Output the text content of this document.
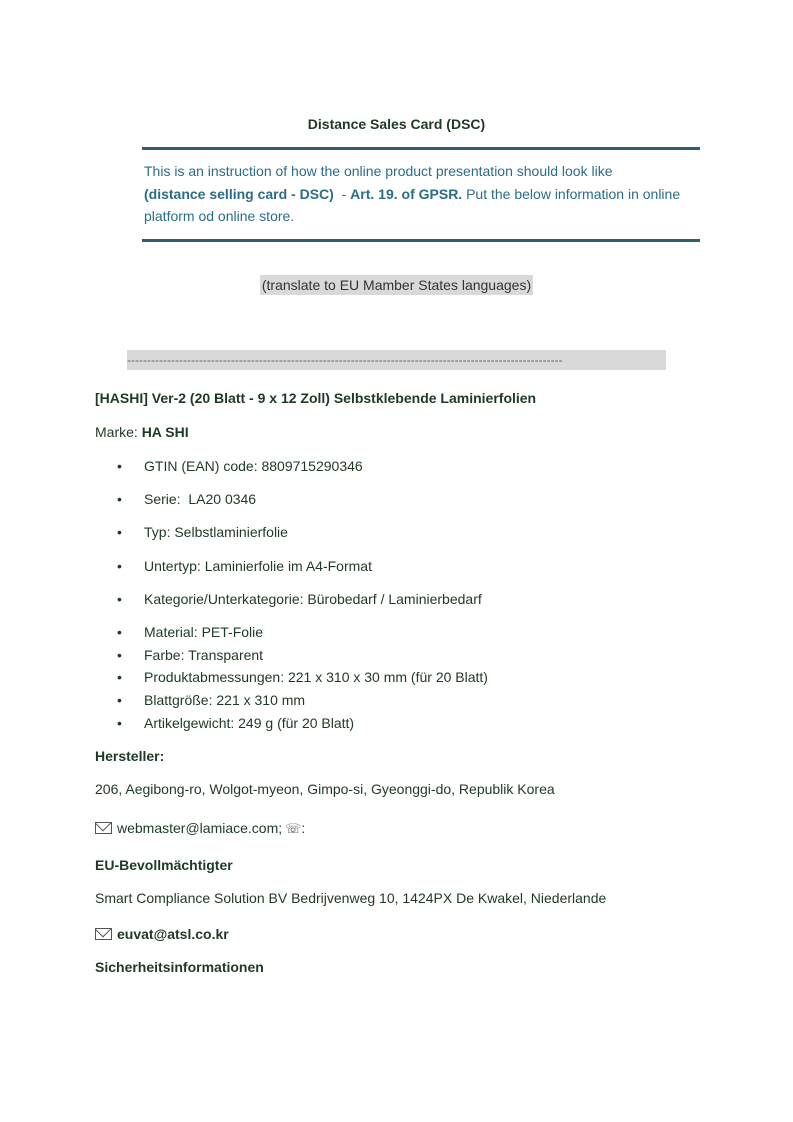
Distance Sales Card (DSC)
This is an instruction of how the online product presentation should look like
(distance selling card - DSC)  - Art. 19. of GPSR. Put the below information in online
platform od online store.
(translate to EU Mamber States languages)
-------------------------------------------------------------------------------------------------------------
[HASHI] Ver-2 (20 Blatt - 9 x 12 Zoll) Selbstklebende Laminierfolien
Marke: HA SHI
• GTIN (EAN) code: 8809715290346
• Serie:  LA20 0346
• Typ: Selbstlaminierfolie
• Untertyp: Laminierfolie im A4-Format
• Kategorie/Unterkategorie: Bürobedarf / Laminierbedarf
• Material: PET-Folie
• Farbe: Transparent
• Produktabmessungen: 221 x 310 x 30 mm (für 20 Blatt)
• Blattgröße: 221 x 310 mm
• Artikelgewicht: 249 g (für 20 Blatt)
Hersteller:
206, Aegibong-ro, Wolgot-myeon, Gimpo-si, Gyeonggi-do, Republik Korea
webmaster@lamiace.com; ☏:
EU-Bevollmächtigter
Smart Compliance Solution BV Bedrijvenweg 10, 1424PX De Kwakel, Niederlande
euvat@atsl.co.kr
Sicherheitsinformationen
